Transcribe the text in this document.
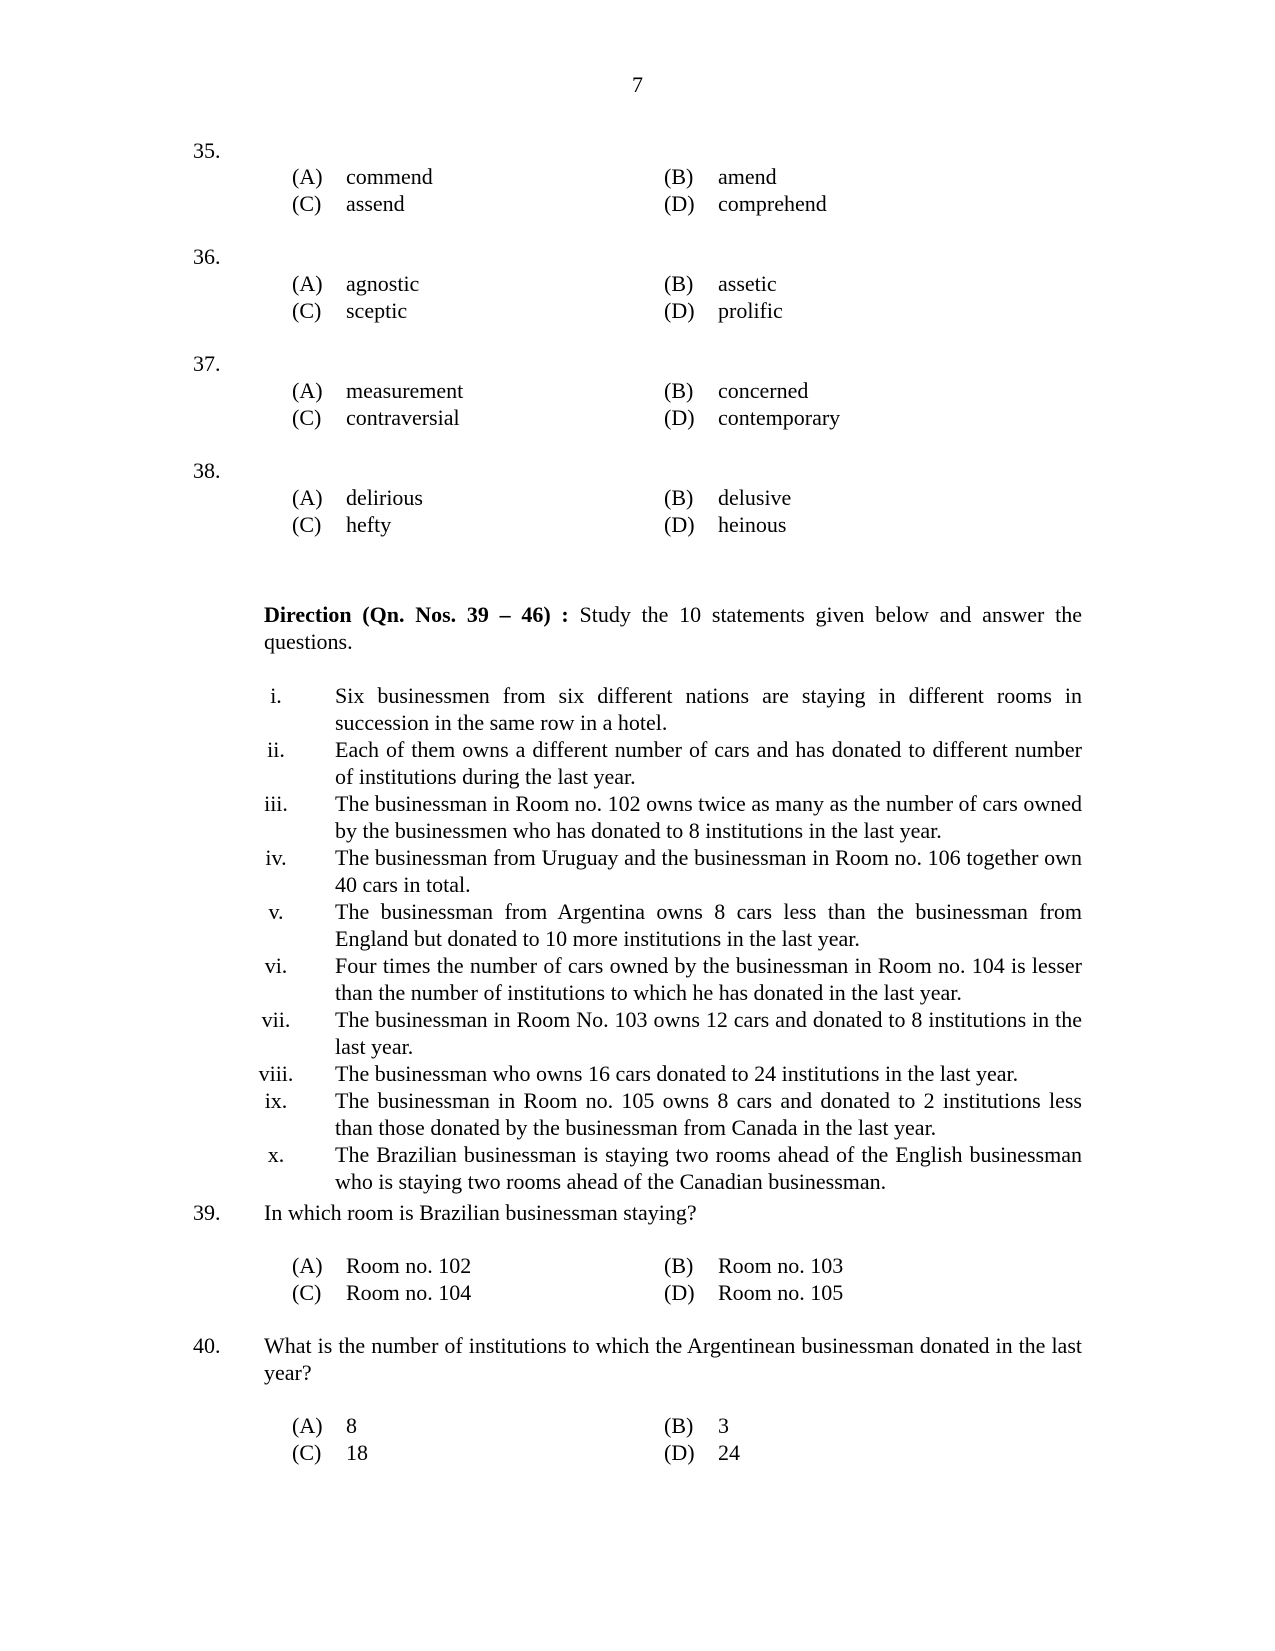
7
35.
(A) commend	(B) amend
(C) assend	(D) comprehend
36.
(A) agnostic	(B) assetic
(C) sceptic	(D) prolific
37.
(A) measurement	(B) concerned
(C) contraversial	(D) contemporary
38.
(A) delirious	(B) delusive
(C) hefty	(D) heinous
Direction (Qn. Nos. 39 – 46) : Study the 10 statements given below and answer the questions.
i.	Six businessmen from six different nations are staying in different rooms in succession in the same row in a hotel.
ii.	Each of them owns a different number of cars and has donated to different number of institutions during the last year.
iii.	The businessman in Room no. 102 owns twice as many as the number of cars owned by the businessmen who has donated to 8 institutions in the last year.
iv.	The businessman from Uruguay and the businessman in Room no. 106 together own 40 cars in total.
v.	The businessman from Argentina owns 8 cars less than the businessman from England but donated to 10 more institutions in the last year.
vi.	Four times the number of cars owned by the businessman in Room no. 104 is lesser than the number of institutions to which he has donated in the last year.
vii.	The businessman in Room No. 103 owns 12 cars and donated to 8 institutions in the last year.
viii.	The businessman who owns 16 cars donated to 24 institutions in the last year.
ix.	The businessman in Room no. 105 owns 8 cars and donated to 2 institutions less than those donated by the businessman from Canada in the last year.
x.	The Brazilian businessman is staying two rooms ahead of the English businessman who is staying two rooms ahead of the Canadian businessman.
39. In which room is Brazilian businessman staying?
(A) Room no. 102	(B) Room no. 103
(C) Room no. 104	(D) Room no. 105
40. What is the number of institutions to which the Argentinean businessman donated in the last year?
(A) 8	(B) 3
(C) 18	(D) 24
